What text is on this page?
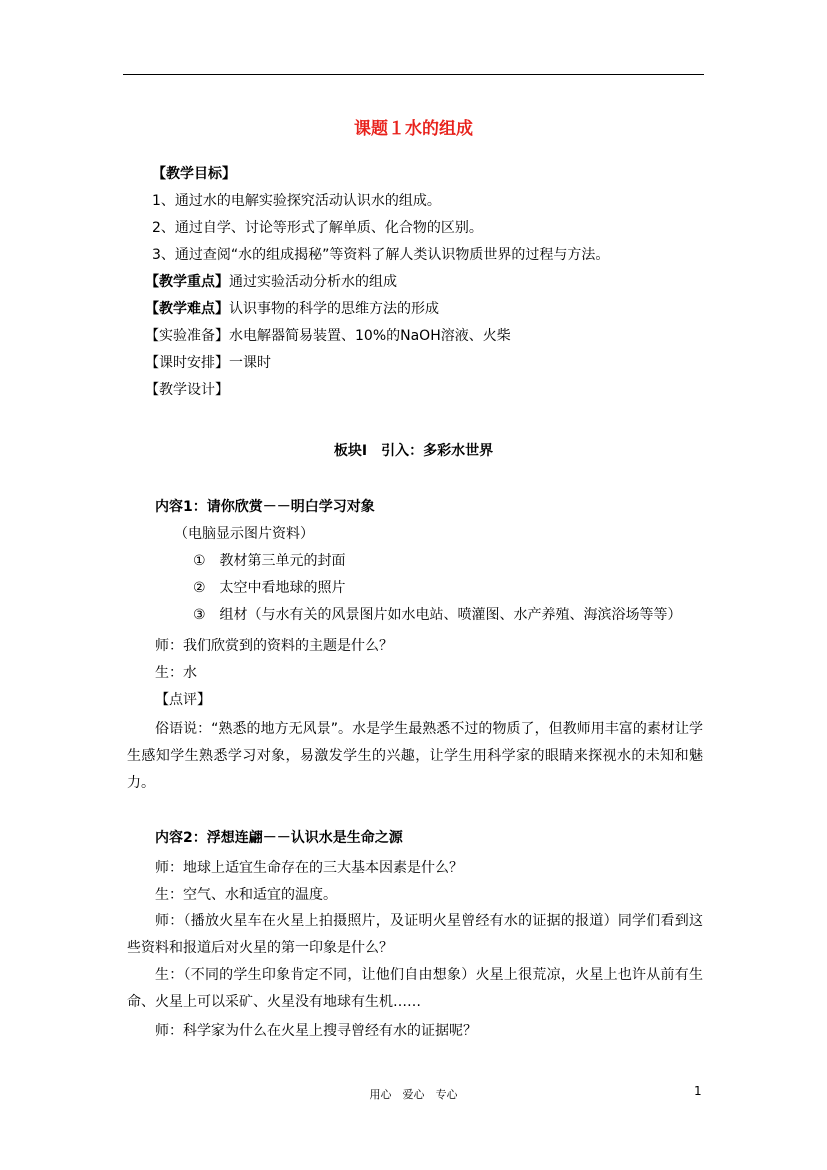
课题１水的组成
【教学目标】
1、通过水的电解实验探究活动认识水的组成。
2、通过自学、讨论等形式了解单质、化合物的区别。
3、通过查阅“水的组成揭秘”等资料了解人类认识物质世界的过程与方法。
【教学重点】通过实验活动分析水的组成
【教学难点】认识事物的科学的思维方法的形成
【实验准备】水电解器简易装置、10%的NaOH溶液、火柴
【课时安排】一课时
【教学设计】
板块Ⅰ　引入：多彩水世界
内容1：请你欣赏－－明白学习对象
（电脑显示图片资料）
①　教材第三单元的封面
②　太空中看地球的照片
③　组材（与水有关的风景图片如水电站、喷灌图、水产养殖、海滨浴场等等）
师：我们欣赏到的资料的主题是什么？
生：水
【点评】
俗语说：“熟悉的地方无风景”。水是学生最熟悉不过的物质了，但教师用丰富的素材让学生感知学生熟悉学习对象，易激发学生的兴趣，让学生用科学家的眼睛来探视水的未知和魅力。
内容2：浮想连翩－－认识水是生命之源
师：地球上适宜生命存在的三大基本因素是什么？
生：空气、水和适宜的温度。
师：（播放火星车在火星上拍摄照片，及证明火星曾经有水的证据的报道）同学们看到这些资料和报道后对火星的第一印象是什么？
生：（不同的学生印象肯定不同，让他们自由想象）火星上很荒凉，火星上也许从前有生命、火星上可以采矿、火星没有地球有生机……
师：科学家为什么在火星上搜寻曾经有水的证据呢？
用心　爱心　专心	1
